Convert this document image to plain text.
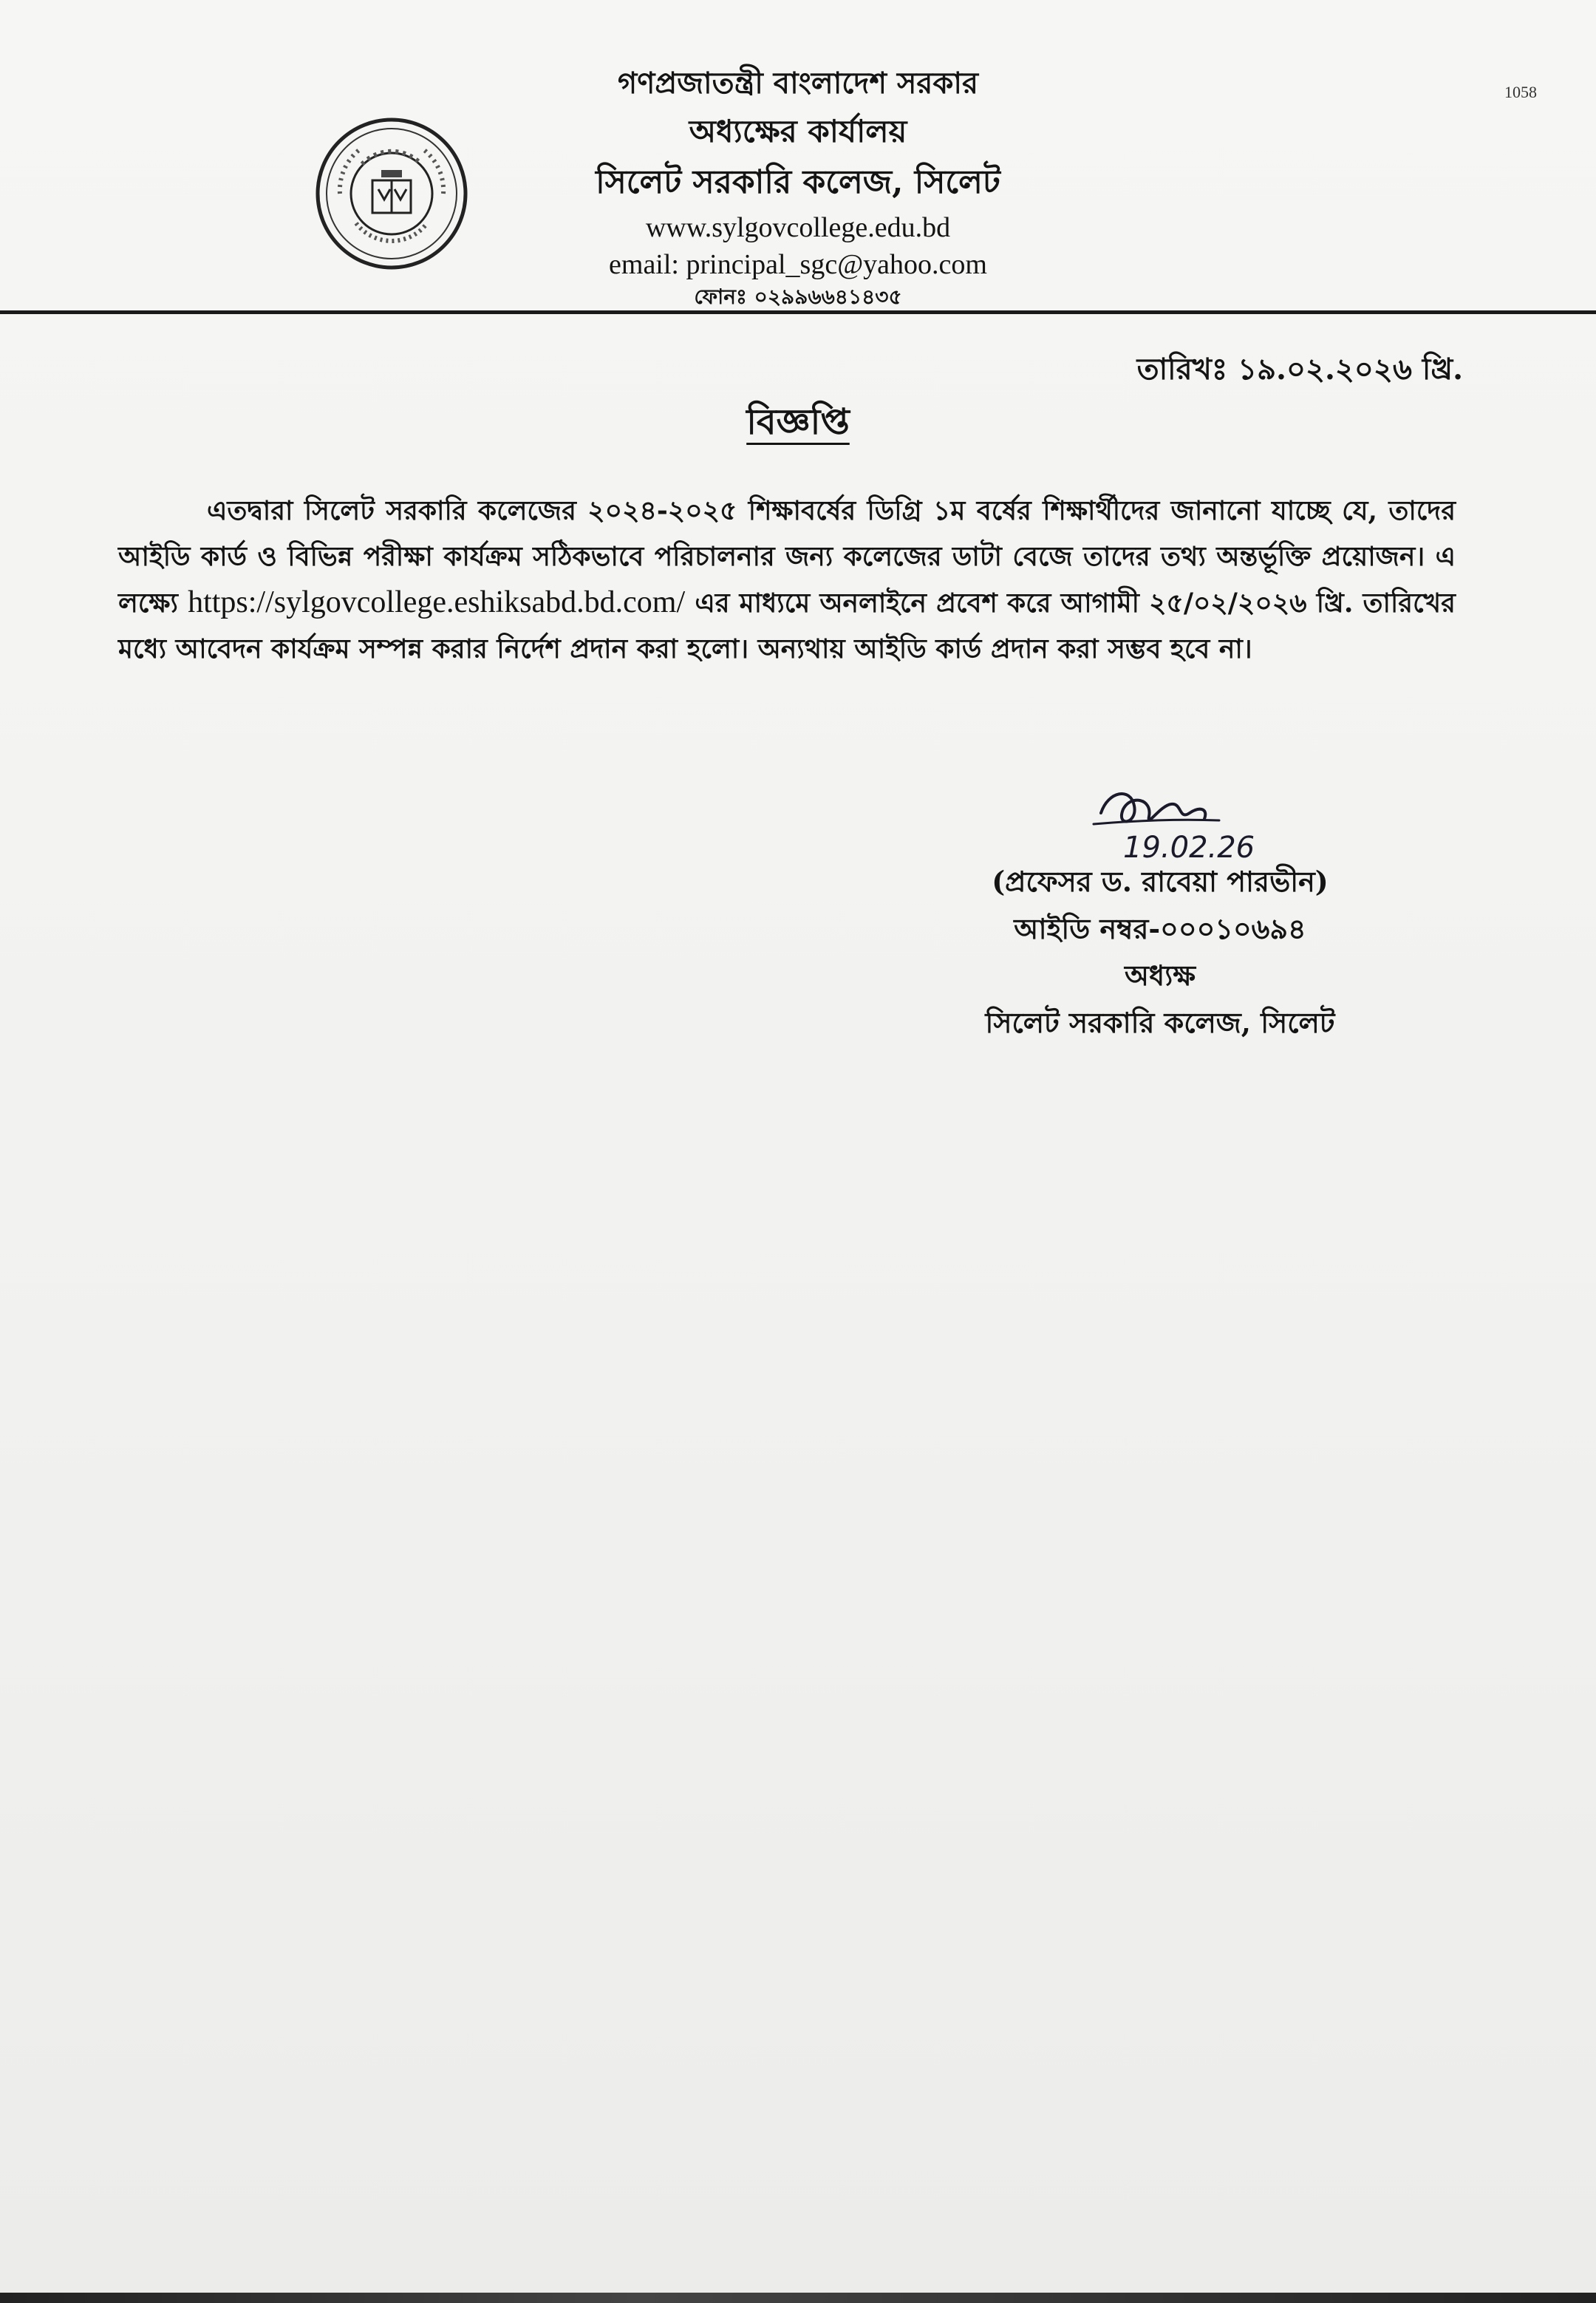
1058
গণপ্রজাতন্ত্রী বাংলাদেশ সরকার
অধ্যক্ষের কার্যালয়
সিলেট সরকারি কলেজ, সিলেট
www.sylgovcollege.edu.bd
email: principal_sgc@yahoo.com
ফোনঃ ০২৯৯৬৬৪১৪৩৫
তারিখঃ ১৯.০২.২০২৬ খ্রি.
বিজ্ঞপ্তি
এতদ্বারা সিলেট সরকারি কলেজের ২০২৪-২০২৫ শিক্ষাবর্ষের ডিগ্রি ১ম বর্ষের শিক্ষার্থীদের জানানো যাচ্ছে যে, তাদের আইডি কার্ড ও বিভিন্ন পরীক্ষা কার্যক্রম সঠিকভাবে পরিচালনার জন্য কলেজের ডাটা বেজে তাদের তথ্য অন্তর্ভূক্তি প্রয়োজন। এ লক্ষ্যে https://sylgovcollege.eshiksabd.bd.com/ এর মাধ্যমে অনলাইনে প্রবেশ করে আগামী ২৫/০২/২০২৬ খ্রি. তারিখের মধ্যে আবেদন কার্যক্রম সম্পন্ন করার নির্দেশ প্রদান করা হলো। অন্যথায় আইডি কার্ড প্রদান করা সম্ভব হবে না।
19.02.26
(প্রফেসর ড. রাবেয়া পারভীন)
আইডি নম্বর-০০০১০৬৯৪
অধ্যক্ষ
সিলেট সরকারি কলেজ, সিলেট
